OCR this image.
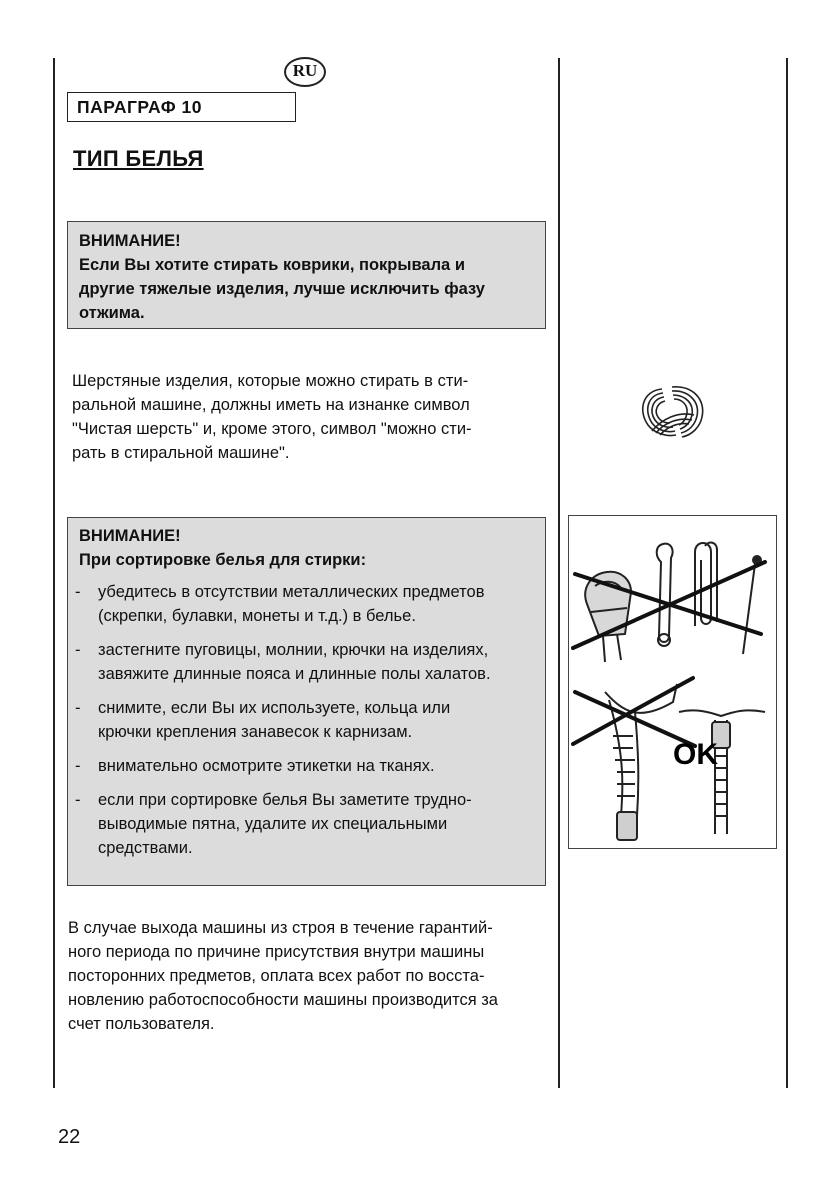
RU
ПАРАГРАФ 10
ТИП БЕЛЬЯ
ВНИМАНИЕ!
Если Вы хотите стирать коврики, покрывала и
другие тяжелые изделия, лучше исключить фазу
отжима.
Шерстяные изделия, которые можно стирать в сти-
ральной машине, должны иметь на изнанке символ
"Чистая шерсть" и, кроме этого, символ "можно сти-
рать в стиральной машине".
ВНИМАНИЕ!
При сортировке белья для стирки:
- убедитесь в отсутствии металлических предметов
(скрепки, булавки, монеты и т.д.) в белье.
- застегните пуговицы, молнии, крючки на изделиях,
завяжите длинные пояса и длинные полы халатов.
- снимите, если Вы их используете, кольца или
крючки крепления занавесок к карнизам.
- внимательно осмотрите этикетки на тканях.
- если при сортировке белья Вы заметите трудно-
выводимые пятна, удалите их специальными
средствами.
В случае выхода машины из строя в течение гарантий-
ного периода по причине присутствия внутри машины
посторонних предметов, оплата всех работ по восста-
новлению работоспособности машины производится за
счет пользователя.
OK
22
